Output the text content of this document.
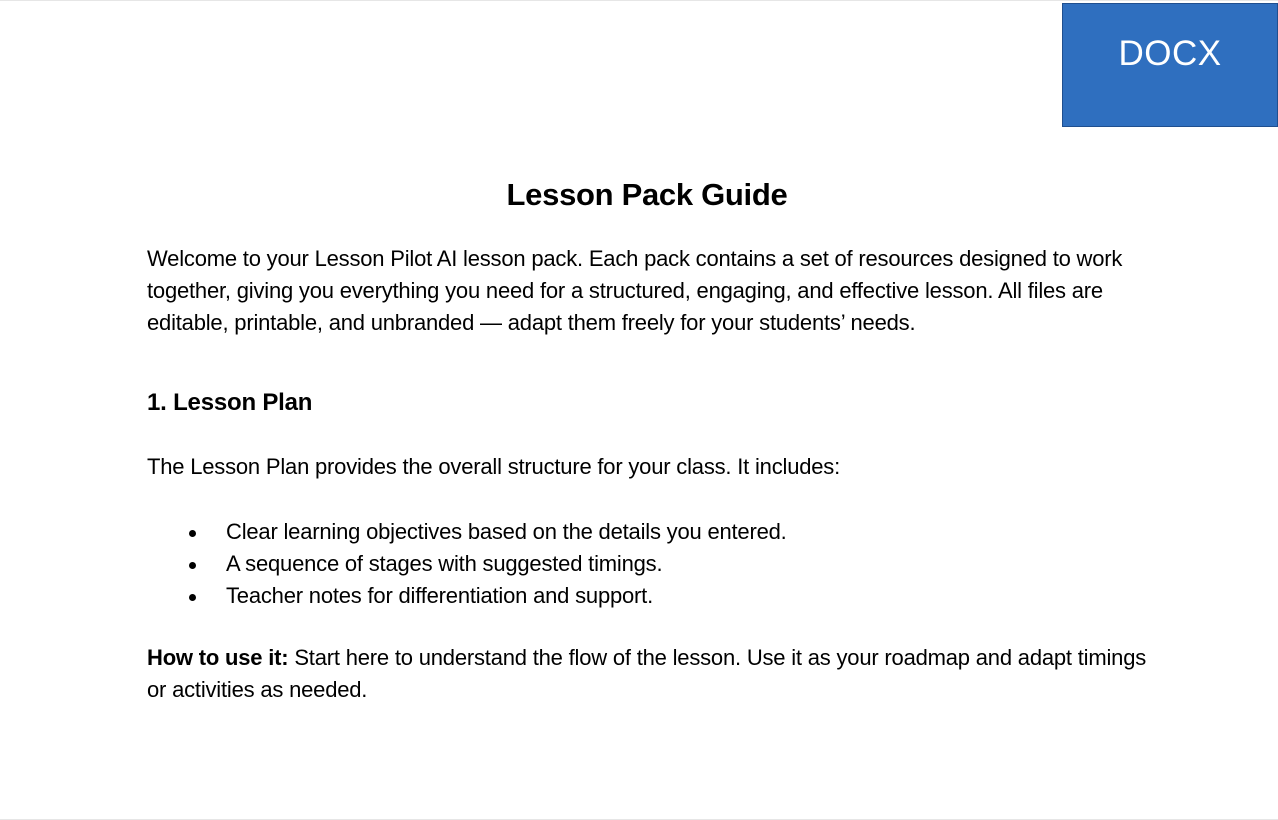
DOCX
Lesson Pack Guide

Welcome to your Lesson Pilot AI lesson pack. Each pack contains a set of resources designed to work together, giving you everything you need for a structured, engaging, and effective lesson. All files are editable, printable, and unbranded — adapt them freely for your students’ needs.

1. Lesson Plan

The Lesson Plan provides the overall structure for your class. It includes:

Clear learning objectives based on the details you entered.
A sequence of stages with suggested timings.
Teacher notes for differentiation and support.

How to use it: Start here to understand the flow of the lesson. Use it as your roadmap and adapt timings or activities as needed.
